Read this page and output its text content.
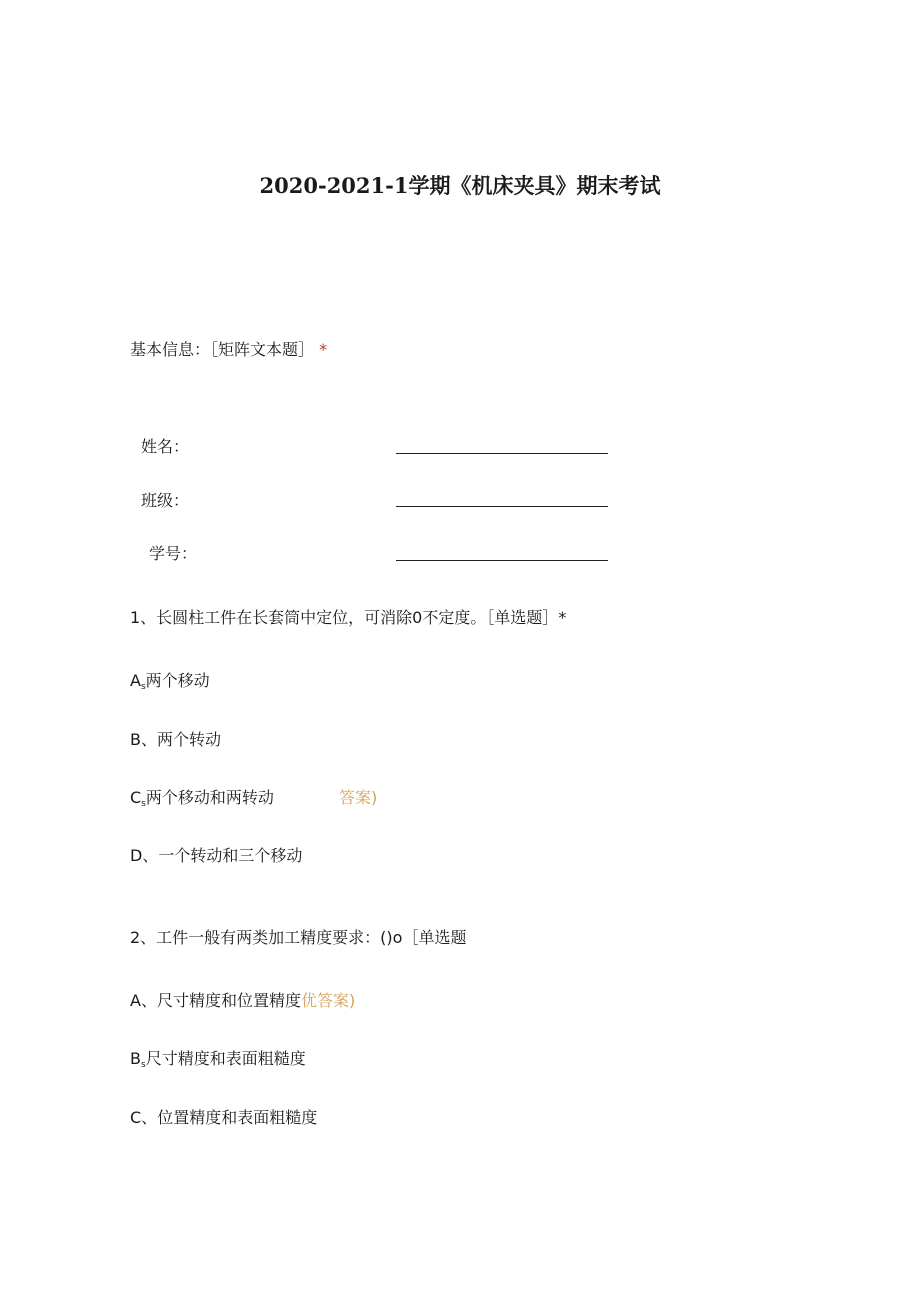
2020-2021-1学期《机床夹具》期末考试
基本信息：［矩阵文本题］ *
姓名：
班级：
学号：
1、长圆柱工件在长套筒中定位，可消除0不定度。［单选题］*
$A_s$两个移动
B、两个转动
$C_s$两个移动和两转动	答案)
D、一个转动和三个移动
2、工件一般有两类加工精度要求：()o［单选题
A、尺寸精度和位置精度优答案)
$B_s$尺寸精度和表面粗糙度
C、位置精度和表面粗糙度
